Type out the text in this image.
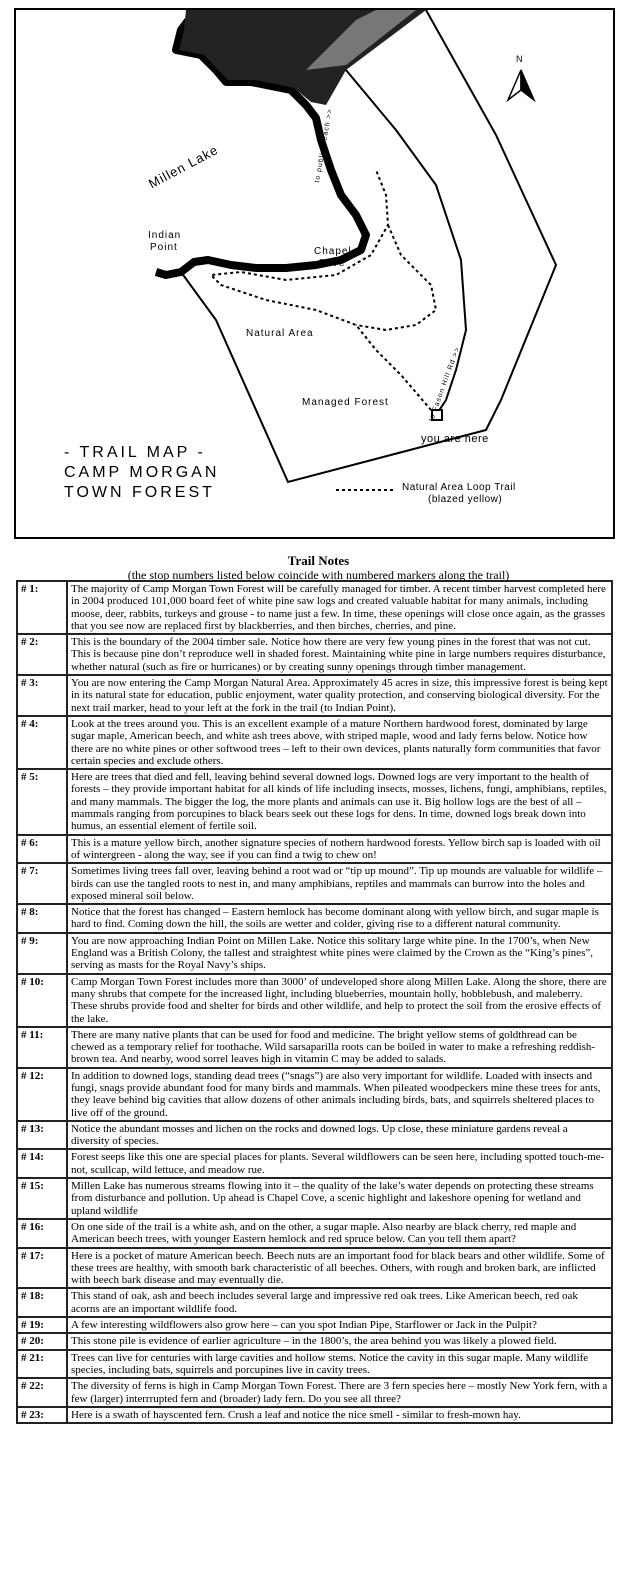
N
Millen Lake
Indian
Point	Chapel
Cove
Natural Area
Managed Forest
to public beach >>
to Fason Hill Rd >>
you are here
- TRAIL MAP -
CAMP MORGAN
TOWN FOREST	Natural Area Loop Trail
(blazed yellow)
Trail Notes
(the stop numbers listed below coincide with numbered markers along the trail)
# 1:	The majority of Camp Morgan Town Forest will be carefully managed for timber. A recent timber harvest completed here in 2004 produced 101,000 board feet of white pine saw logs and created valuable habitat for many animals, including moose, deer, rabbits, turkeys and grouse - to name just a few. In time, these openings will close once again, as the grasses that you see now are replaced first by blackberries, and then birches, cherries, and pine.
# 2:	This is the boundary of the 2004 timber sale. Notice how there are very few young pines in the forest that was not cut. This is because pine don’t reproduce well in shaded forest. Maintaining white pine in large numbers requires disturbance, whether natural (such as fire or hurricanes) or by creating sunny openings through timber management.
# 3:	You are now entering the Camp Morgan Natural Area. Approximately 45 acres in size, this impressive forest is being kept in its natural state for education, public enjoyment, water quality protection, and conserving biological diversity. For the next trail marker, head to your left at the fork in the trail (to Indian Point).
# 4:	Look at the trees around you. This is an excellent example of a mature Northern hardwood forest, dominated by large sugar maple, American beech, and white ash trees above, with striped maple, wood and lady ferns below. Notice how there are no white pines or other softwood trees – left to their own devices, plants naturally form communities that favor certain species and exclude others.
# 5:	Here are trees that died and fell, leaving behind several downed logs. Downed logs are very important to the health of forests – they provide important habitat for all kinds of life including insects, mosses, lichens, fungi, amphibians, reptiles, and many mammals. The bigger the log, the more plants and animals can use it. Big hollow logs are the best of all – mammals ranging from porcupines to black bears seek out these logs for dens. In time, downed logs break down into humus, an essential element of fertile soil.
# 6:	This is a mature yellow birch, another signature species of nothern hardwood forests. Yellow birch sap is loaded with oil of wintergreen - along the way, see if you can find a twig to chew on!
# 7:	Sometimes living trees fall over, leaving behind a root wad or “tip up mound”. Tip up mounds are valuable for wildlife – birds can use the tangled roots to nest in, and many amphibians, reptiles and mammals can burrow into the holes and exposed mineral soil below.
# 8:	Notice that the forest has changed – Eastern hemlock has become dominant along with yellow birch, and sugar maple is hard to find. Coming down the hill, the soils are wetter and colder, giving rise to a different natural community.
# 9:	You are now approaching Indian Point on Millen Lake. Notice this solitary large white pine. In the 1700’s, when New England was a British Colony, the tallest and straightest white pines were claimed by the Crown as the “King’s pines”, serving as masts for the Royal Navy’s ships.
# 10:	Camp Morgan Town Forest includes more than 3000’ of undeveloped shore along Millen Lake. Along the shore, there are many shrubs that compete for the increased light, including blueberries, mountain holly, hobblebush, and maleberry. These shrubs provide food and shelter for birds and other wildlife, and help to protect the soil from the erosive effects of the lake.
# 11:	There are many native plants that can be used for food and medicine. The bright yellow stems of goldthread can be chewed as a temporary relief for toothache. Wild sarsaparilla roots can be boiled in water to make a refreshing reddish-brown tea. And nearby, wood sorrel leaves high in vitamin C may be added to salads.
# 12:	In addition to downed logs, standing dead trees (“snags”) are also very important for wildlife. Loaded with insects and fungi, snags provide abundant food for many birds and mammals. When pileated woodpeckers mine these trees for ants, they leave behind big cavities that allow dozens of other animals including birds, bats, and squirrels sheltered places to live off of the ground.
# 13:	Notice the abundant mosses and lichen on the rocks and downed logs. Up close, these miniature gardens reveal a diversity of species.
# 14:	Forest seeps like this one are special places for plants. Several wildflowers can be seen here, including spotted touch-me-not, scullcap, wild lettuce, and meadow rue.
# 15:	Millen Lake has numerous streams flowing into it – the quality of the lake’s water depends on protecting these streams from disturbance and pollution. Up ahead is Chapel Cove, a scenic highlight and lakeshore opening for wetland and upland wildlife
# 16:	On one side of the trail is a white ash, and on the other, a sugar maple. Also nearby are black cherry, red maple and American beech trees, with younger Eastern hemlock and red spruce below. Can you tell them apart?
# 17:	Here is a pocket of mature American beech. Beech nuts are an important food for black bears and other wildlife. Some of these trees are healthy, with smooth bark characteristic of all beeches. Others, with rough and broken bark, are inflicted with beech bark disease and may eventually die.
# 18:	This stand of oak, ash and beech includes several large and impressive red oak trees. Like American beech, red oak acorns are an important wildlife food.
# 19:	A few interesting wildflowers also grow here – can you spot Indian Pipe, Starflower or Jack in the Pulpit?
# 20:	This stone pile is evidence of earlier agriculture – in the 1800’s, the area behind you was likely a plowed field.
# 21:	Trees can live for centuries with large cavities and hollow stems. Notice the cavity in this sugar maple. Many wildlife species, including bats, squirrels and porcupines live in cavity trees.
# 22:	The diversity of ferns is high in Camp Morgan Town Forest. There are 3 fern species here – mostly New York fern, with a few (larger) interrrupted fern and (broader) lady fern. Do you see all three?
# 23:	Here is a swath of hayscented fern. Crush a leaf and notice the nice smell - similar to fresh-mown hay.
